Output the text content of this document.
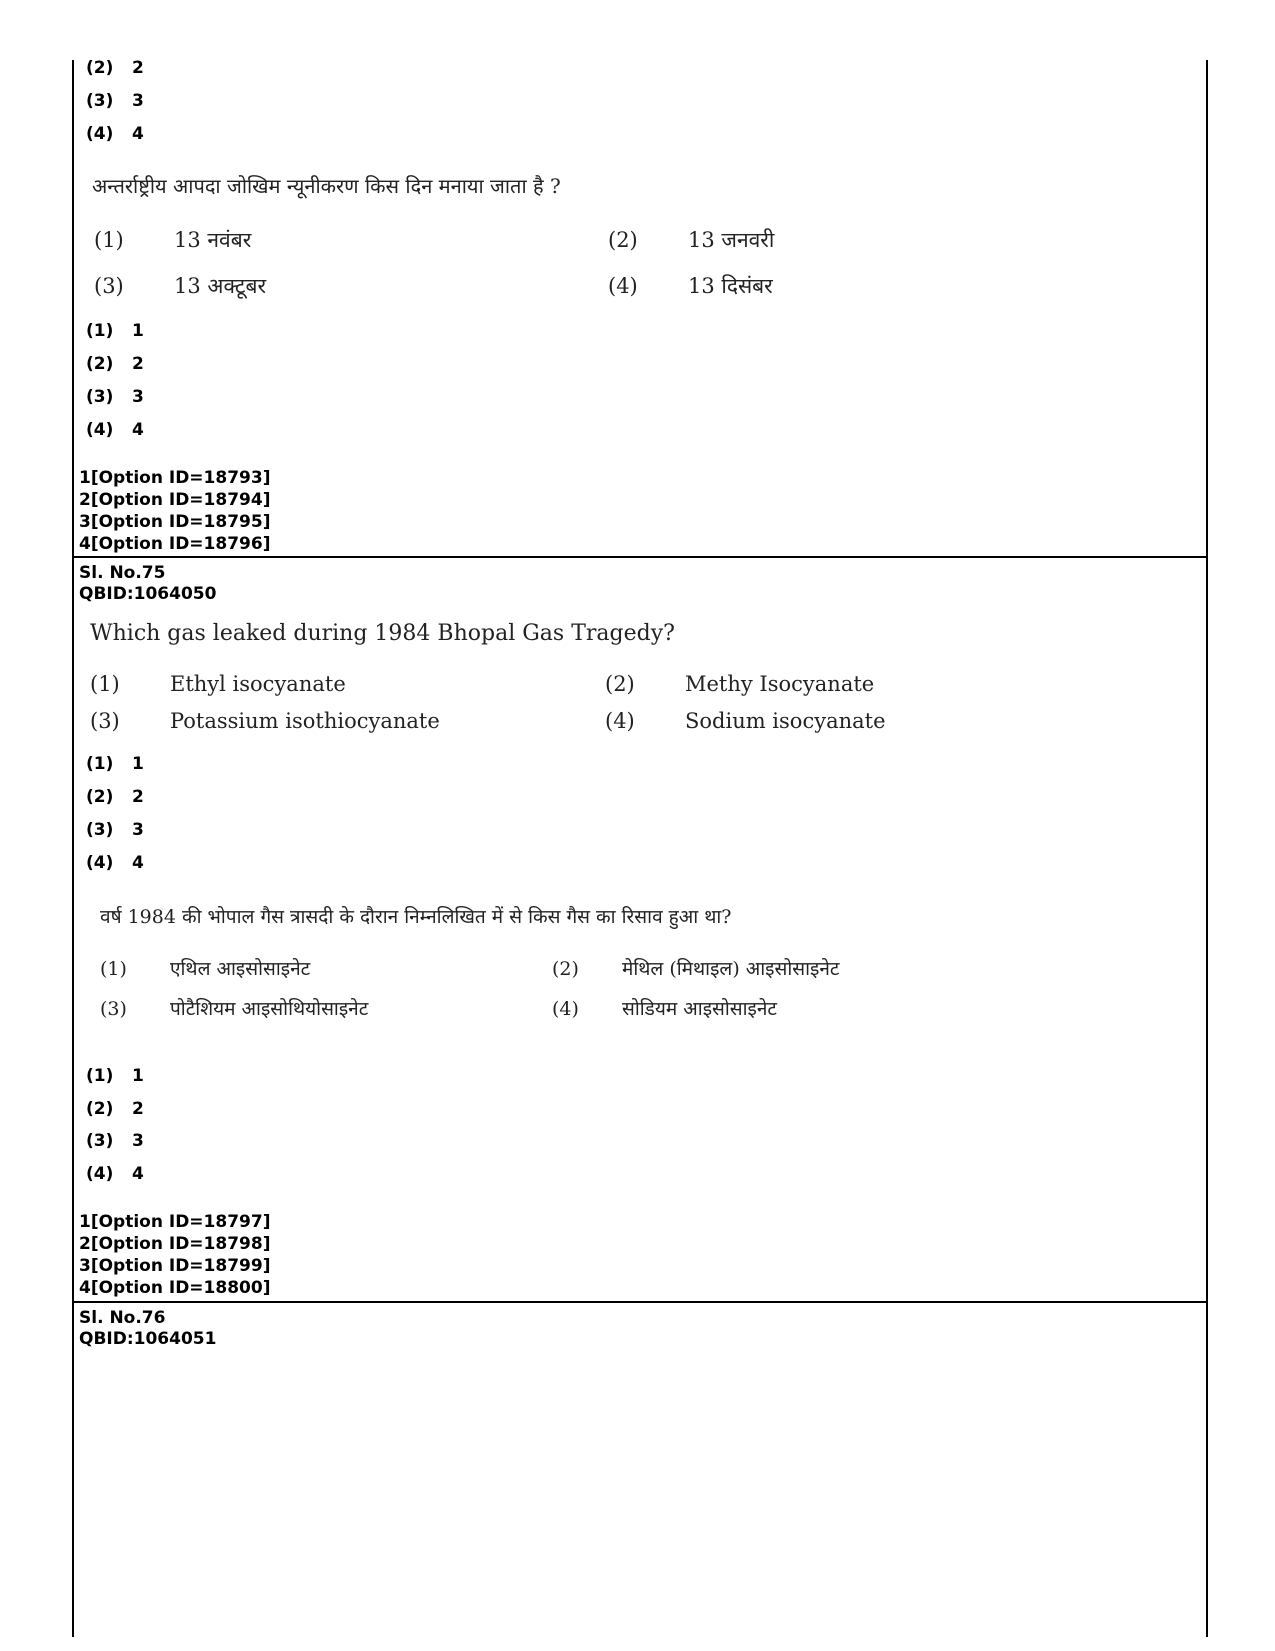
(2) 2
(3) 3
(4) 4
अन्तर्राष्ट्रीय आपदा जोखिम न्यूनीकरण किस दिन मनाया जाता है ?
(1) 13 नवंबर	(2) 13 जनवरी
(3) 13 अक्टूबर	(4) 13 दिसंबर
(1) 1
(2) 2
(3) 3
(4) 4
1[Option ID=18793]
2[Option ID=18794]
3[Option ID=18795]
4[Option ID=18796]
Sl. No.75
QBID:1064050
Which gas leaked during 1984 Bhopal Gas Tragedy?
(1) Ethyl isocyanate	(2) Methy Isocyanate
(3) Potassium isothiocyanate	(4) Sodium isocyanate
(1) 1
(2) 2
(3) 3
(4) 4
वर्ष 1984 की भोपाल गैस त्रासदी के दौरान निम्नलिखित में से किस गैस का रिसाव हुआ था?
(1) एथिल आइसोसाइनेट	(2) मेथिल (मिथाइल) आइसोसाइनेट
(3) पोटैशियम आइसोथियोसाइनेट	(4) सोडियम आइसोसाइनेट
(1) 1
(2) 2
(3) 3
(4) 4
1[Option ID=18797]
2[Option ID=18798]
3[Option ID=18799]
4[Option ID=18800]
Sl. No.76
QBID:1064051
